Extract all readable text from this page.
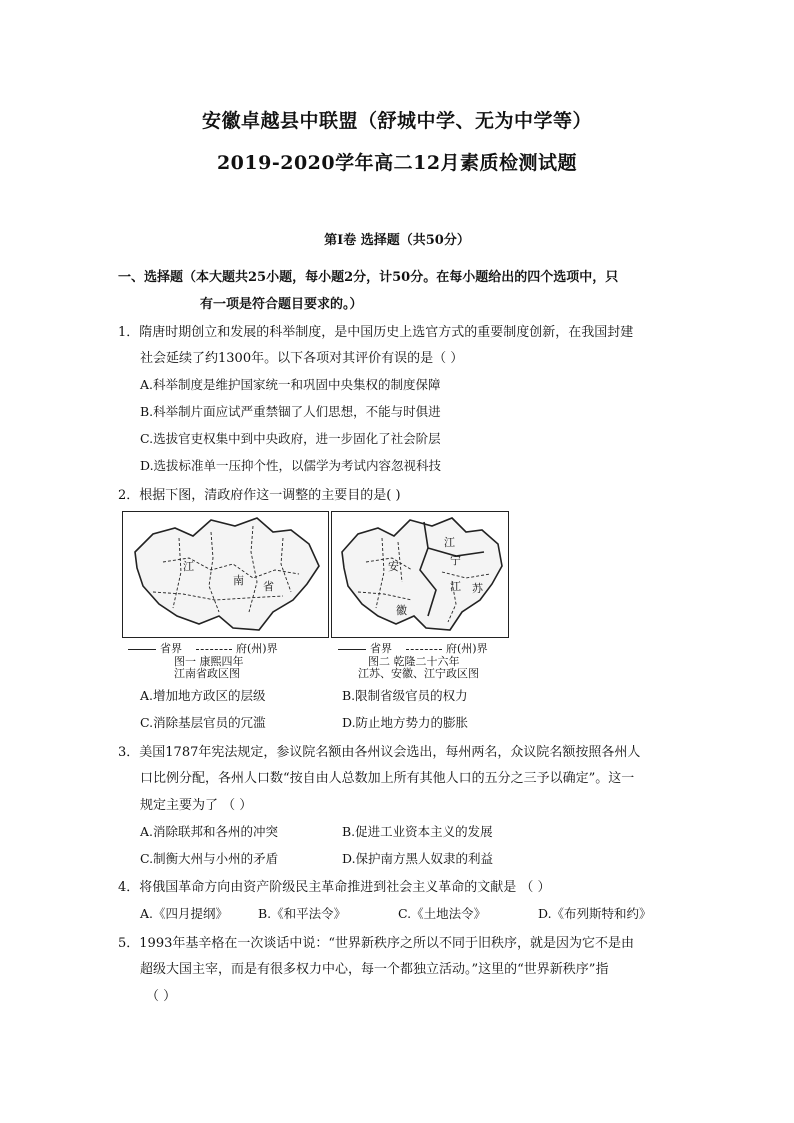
安徽卓越县中联盟（舒城中学、无为中学等）
2019-2020学年高二12月素质检测试题
第Ⅰ卷 选择题（共50分）
一、选择题（本大题共25小题，每小题2分，计50分。在每小题给出的四个选项中，只
有一项是符合题目要求的。）
1．隋唐时期创立和发展的科举制度，是中国历史上选官方式的重要制度创新，在我国封建
社会延续了约1300年。以下各项对其评价有误的是（ ）
A.科举制度是维护国家统一和巩固中央集权的制度保障
B.科举制片面应试严重禁锢了人们思想，不能与时俱进
C.选拔官吏权集中到中央政府，进一步固化了社会阶层
D.选拔标准单一压抑个性，以儒学为考试内容忽视科技
2．根据下图，清政府作这一调整的主要目的是( )
江
南 省
省界	府(州)界
图一 康熙四年
江南省政区图
江
宁
安
江 苏
徽
省界	府(州)界
图二 乾隆二十六年
江苏、安徽、江宁政区图
A.增加地方政区的层级	B.限制省级官员的权力
C.消除基层官员的冗滥	D.防止地方势力的膨胀
3．美国1787年宪法规定，参议院名额由各州议会选出，每州两名，众议院名额按照各州人
口比例分配，各州人口数“按自由人总数加上所有其他人口的五分之三予以确定”。这一
规定主要为了 （ ）
A.消除联邦和各州的冲突	B.促进工业资本主义的发展
C.制衡大州与小州的矛盾	D.保护南方黑人奴隶的利益
4．将俄国革命方向由资产阶级民主革命推进到社会主义革命的文献是 （ ）
A.《四月提纲》 B.《和平法令》	C.《土地法令》	D.《布列斯特和约》
5．1993年基辛格在一次谈话中说：“世界新秩序之所以不同于旧秩序，就是因为它不是由
超级大国主宰，而是有很多权力中心，每一个都独立活动。”这里的“世界新秩序”指
（ ）
